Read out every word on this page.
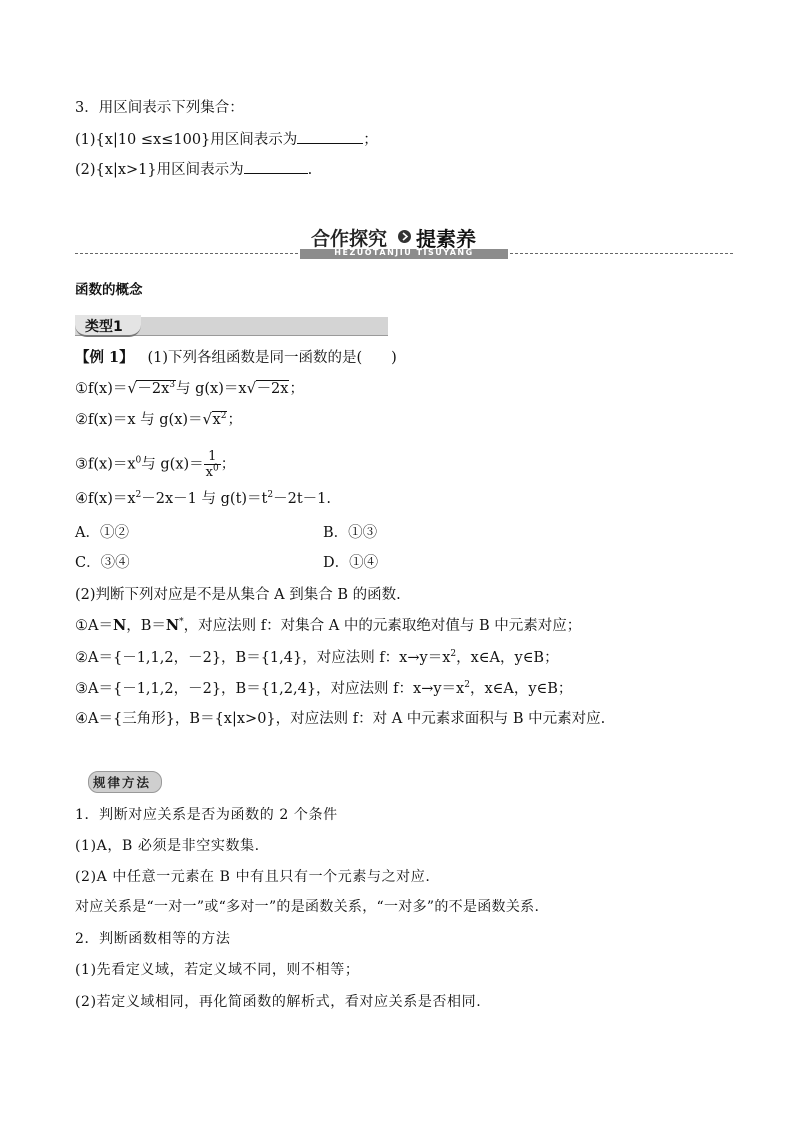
3．用区间表示下列集合：
(1){x|10 ≤x≤100}用区间表示为	；
(2){x|x>1}用区间表示为	.
HEZUOTANJIU TISUYANG
合作探究 提素养
函数的概念
类型1
【例 1】 (1)下列各组函数是同一函数的是(　　)
①f(x)＝ √ $-2x^3$与 g(x)＝x √ －2x；
②f(x)＝x 与 g(x)＝ √ $x^2$；
$③f(x)=x^0$与 $g(x)= \frac{1}{x^0}$ ；
$④f(x)=x^2-2x-1$ 与 $g(t)=t^2-2t-1$.
A．①②	B．①③
C．③④	D．①④
(2)判断下列对应是不是从集合 A 到集合 B 的函数.
①A＝N，B＝N*，对应法则 f：对集合 A 中的元素取绝对值与 B 中元素对应；
②A＝{－1,1,2，－2}，B＝{1,4}，对应法则 f：$x\to y=x^2$，x∈A，y∈B；
③A＝{－1,1,2，－2}，B＝{1,2,4}，对应法则 f：$x\to y=x^2$，x∈A，y∈B；
④A＝{三角形}，B＝{x|x>0}，对应法则 f：对 A 中元素求面积与 B 中元素对应.
规律方法
1．判断对应关系是否为函数的 2 个条件
(1)A，B 必须是非空实数集.
(2)A 中任意一元素在 B 中有且只有一个元素与之对应.
对应关系是“一对一”或“多对一”的是函数关系，“一对多”的不是函数关系.
2．判断函数相等的方法
(1)先看定义域，若定义域不同，则不相等；
(2)若定义域相同，再化简函数的解析式，看对应关系是否相同.
